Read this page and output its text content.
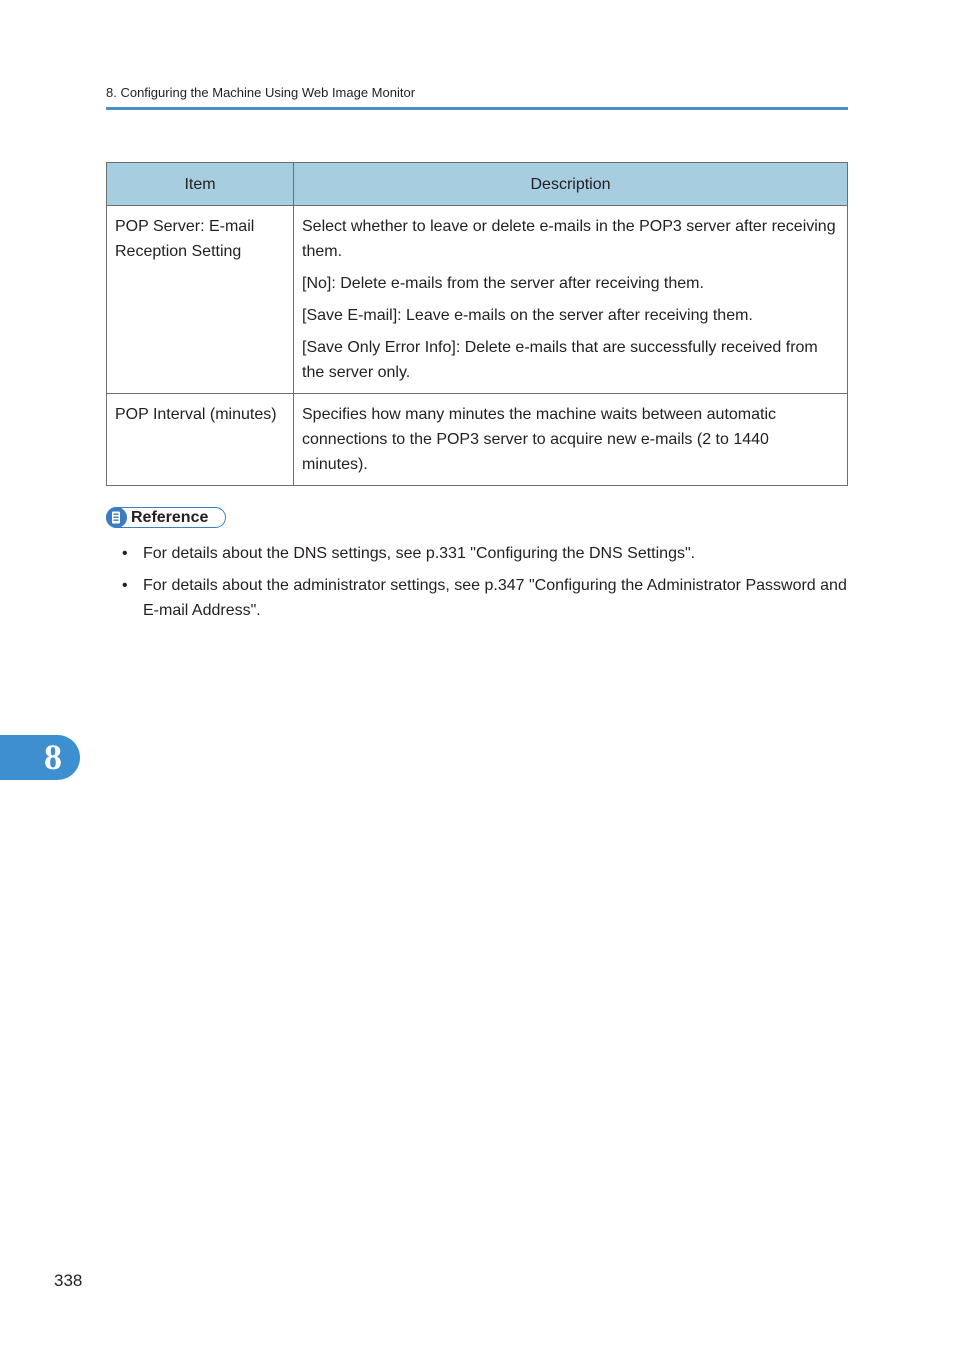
8. Configuring the Machine Using Web Image Monitor
Item	Description
POP Server: E-mail Reception Setting	Select whether to leave or delete e-mails in the POP3 server after receiving them.

[No]: Delete e-mails from the server after receiving them.

[Save E-mail]: Leave e-mails on the server after receiving them.

[Save Only Error Info]: Delete e-mails that are successfully received from the server only.

POP Interval (minutes)	Specifies how many minutes the machine waits between automatic connections to the POP3 server to acquire new e-mails (2 to 1440 minutes).

Reference
• For details about the DNS settings, see p.331 "Configuring the DNS Settings".
• For details about the administrator settings, see p.347 "Configuring the Administrator Password and E-mail Address".
8
338
